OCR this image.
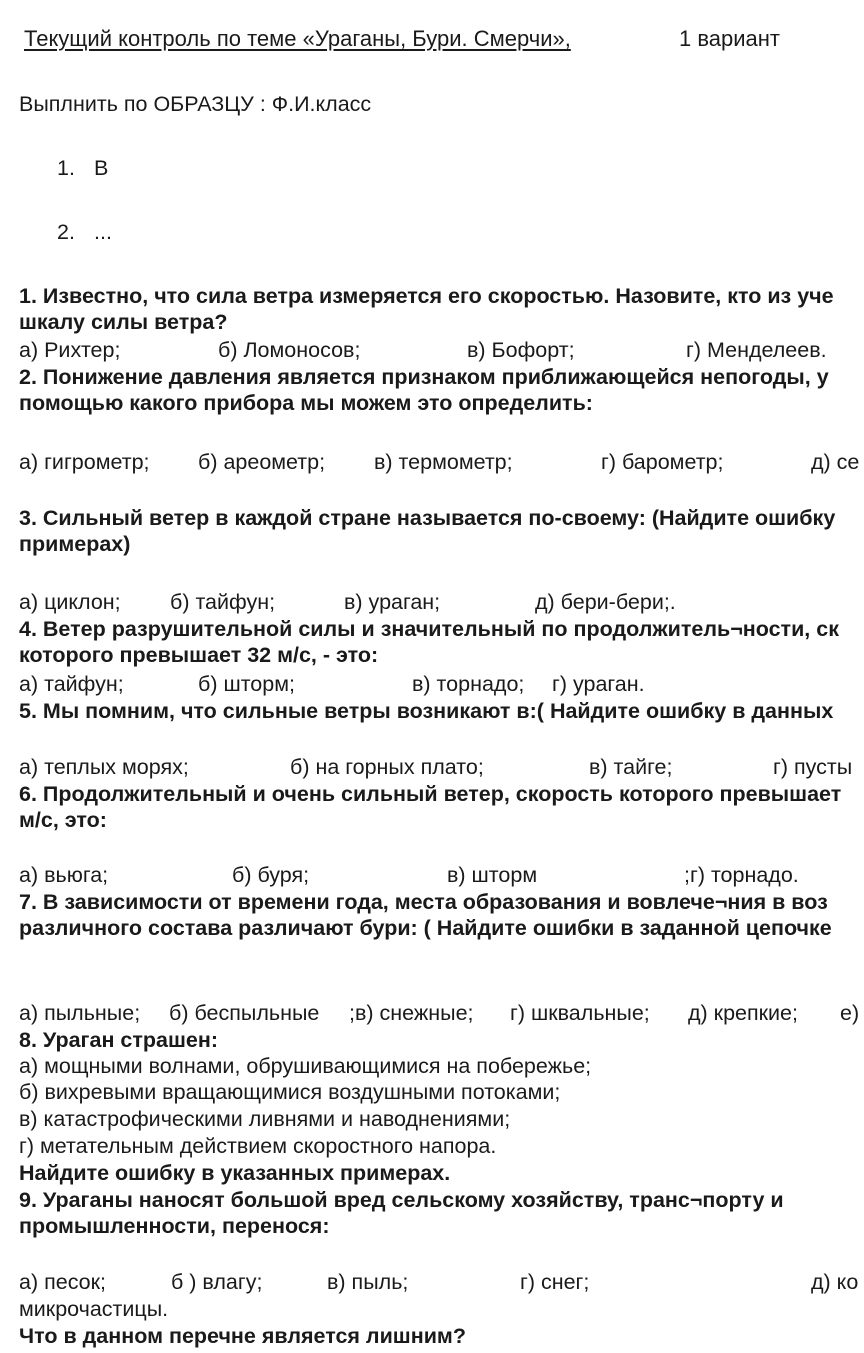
Текущий контроль по теме «Ураганы, Бури. Смерчи»,	1 вариант
Выплнить по ОБРАЗЦУ : Ф.И.класс
1. В
2. ...
1. Известно, что сила ветра измеряется его скоростью. Назовите, кто из уче
шкалу силы ветра?
а) Рихтер;	б) Ломоносов;	в) Бофорт;	г) Менделеев.
2. Понижение давления является признаком приближающейся непогоды, у
помощью какого прибора мы можем это определить:
а) гигрометр; б) ареометр; в) термометр;	г) барометр;	д) се
3. Сильный ветер в каждой стране называется по-своему: (Найдите ошибку
примерах)
а) циклон; б) тайфун;	в) ураган;	д) бери-бери;.
4. Ветер разрушительной силы и значительный по продолжитель¬ности, ск
которого превышает 32 м/с, - это:
а) тайфун;	б) шторм;	в) торнадо; г) ураган.
5. Мы помним, что сильные ветры возникают в:( Найдите ошибку в данных
а) теплых морях;	б) на горных плато;	в) тайге;	г) пусты
6. Продолжительный и очень сильный ветер, скорость которого превышает
м/с, это:
а) вьюга;	б) буря;	в) шторм	;г) торнадо.
7. В зависимости от времени года, места образования и вовлече¬ния в воз
различного состава различают бури: ( Найдите ошибки в заданной цепочке
а) пыльные; б) беспыльные ;в) снежные; г) шквальные; д) крепкие; е)
8. Ураган страшен:
а) мощными волнами, обрушивающимися на побережье;
б) вихревыми вращающимися воздушными потоками;
в) катастрофическими ливнями и наводнениями;
г) метательным действием скоростного напора.
Найдите ошибку в указанных примерах.
9. Ураганы наносят большой вред сельскому хозяйству, транс¬порту и
промышленности, перенося:
а) песок;	б ) влагу;	в) пыль;	г) снег;	д) ко
микрочастицы.
Что в данном перечне является лишним?
